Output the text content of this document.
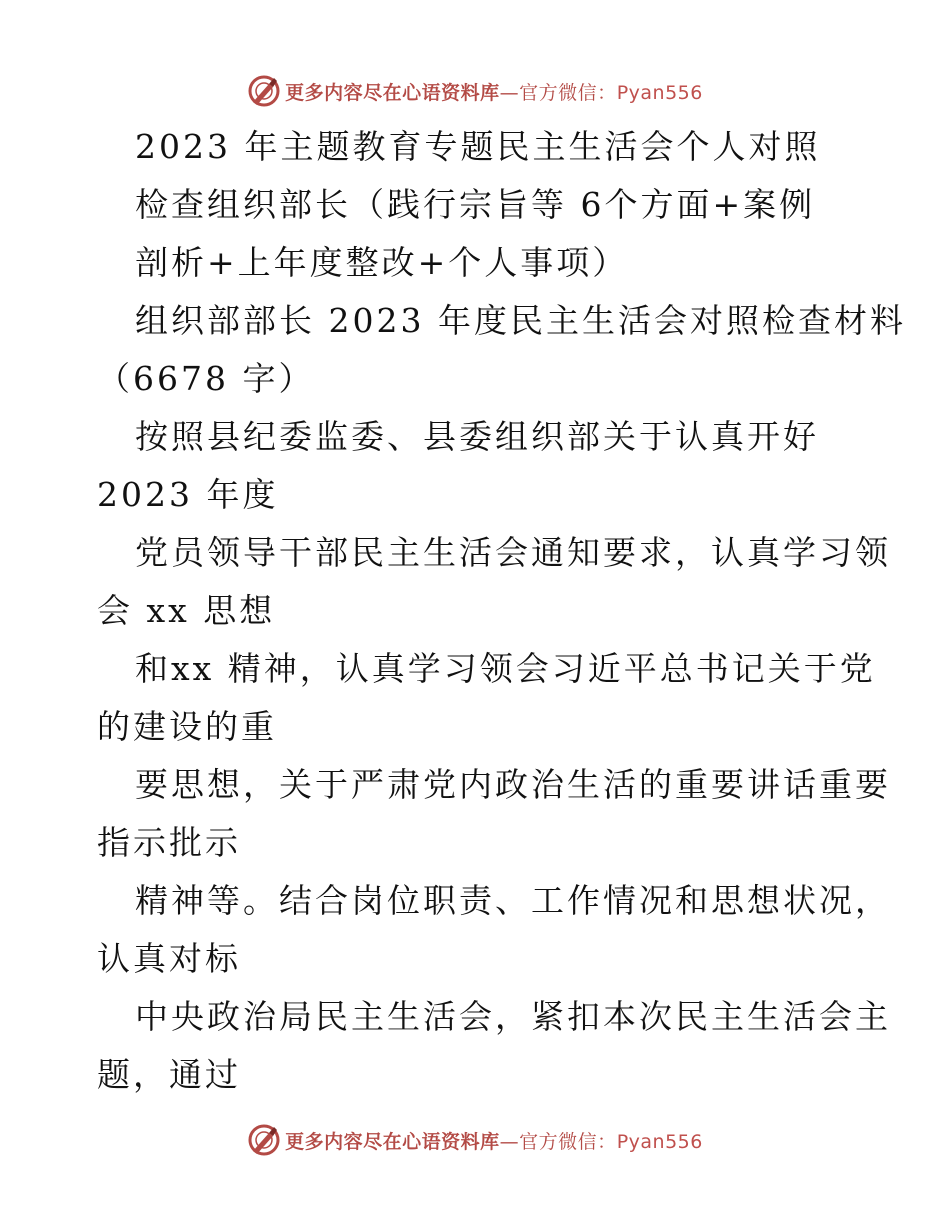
更多内容尽在心语资料库—官方微信：Pyan556
2023 年主题教育专题民主生活会个人对照
检查组织部长（践行宗旨等 6个方面+案例
剖析+上年度整改+个人事项）
组织部部长 2023 年度民主生活会对照检查材料
（6678 字）
按照县纪委监委、县委组织部关于认真开好
2023 年度
党员领导干部民主生活会通知要求，认真学习领
会 xx 思想
和xx 精神，认真学习领会习近平总书记关于党
的建设的重
要思想，关于严肃党内政治生活的重要讲话重要
指示批示
精神等。结合岗位职责、工作情况和思想状况，
认真对标
中央政治局民主生活会，紧扣本次民主生活会主
题，通过
更多内容尽在心语资料库—官方微信：Pyan556
